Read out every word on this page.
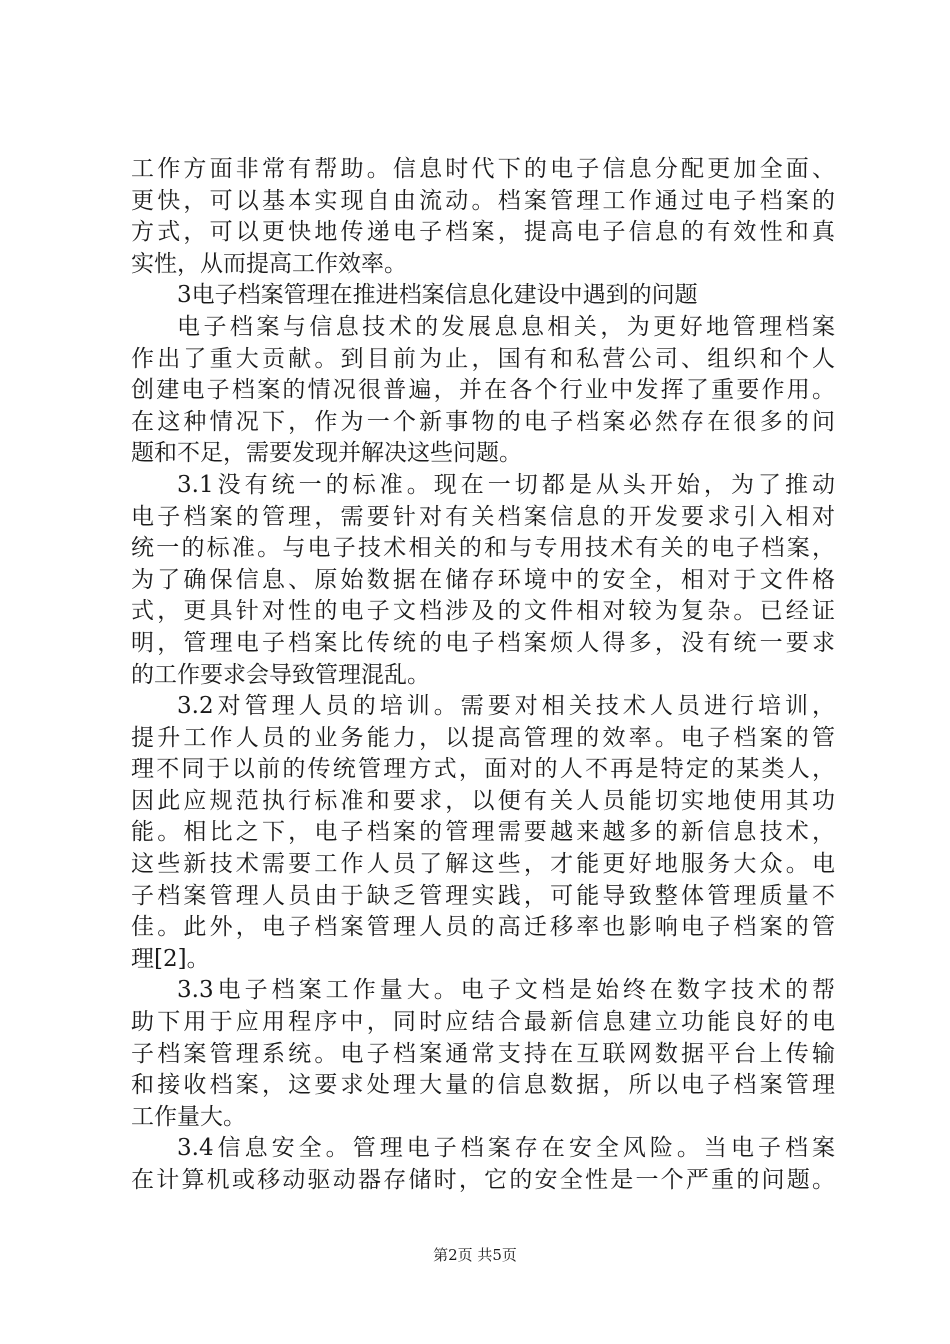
工作方面非常有帮助。信息时代下的电子信息分配更加全面、
更快，可以基本实现自由流动。档案管理工作通过电子档案的
方式，可以更快地传递电子档案，提高电子信息的有效性和真
实性，从而提高工作效率。
3电子档案管理在推进档案信息化建设中遇到的问题
电子档案与信息技术的发展息息相关，为更好地管理档案
作出了重大贡献。到目前为止，国有和私营公司、组织和个人
创建电子档案的情况很普遍，并在各个行业中发挥了重要作用。
在这种情况下，作为一个新事物的电子档案必然存在很多的问
题和不足，需要发现并解决这些问题。
3.1没有统一的标准。现在一切都是从头开始，为了推动
电子档案的管理，需要针对有关档案信息的开发要求引入相对
统一的标准。与电子技术相关的和与专用技术有关的电子档案，
为了确保信息、原始数据在储存环境中的安全，相对于文件格
式，更具针对性的电子文档涉及的文件相对较为复杂。已经证
明，管理电子档案比传统的电子档案烦人得多，没有统一要求
的工作要求会导致管理混乱。
3.2对管理人员的培训。需要对相关技术人员进行培训，
提升工作人员的业务能力，以提高管理的效率。电子档案的管
理不同于以前的传统管理方式，面对的人不再是特定的某类人，
因此应规范执行标准和要求，以便有关人员能切实地使用其功
能。相比之下，电子档案的管理需要越来越多的新信息技术，
这些新技术需要工作人员了解这些，才能更好地服务大众。电
子档案管理人员由于缺乏管理实践，可能导致整体管理质量不
佳。此外，电子档案管理人员的高迁移率也影响电子档案的管
理[2]。
3.3电子档案工作量大。电子文档是始终在数字技术的帮
助下用于应用程序中，同时应结合最新信息建立功能良好的电
子档案管理系统。电子档案通常支持在互联网数据平台上传输
和接收档案，这要求处理大量的信息数据，所以电子档案管理
工作量大。
3.4信息安全。管理电子档案存在安全风险。当电子档案
在计算机或移动驱动器存储时，它的安全性是一个严重的问题。
第2页 共5页
